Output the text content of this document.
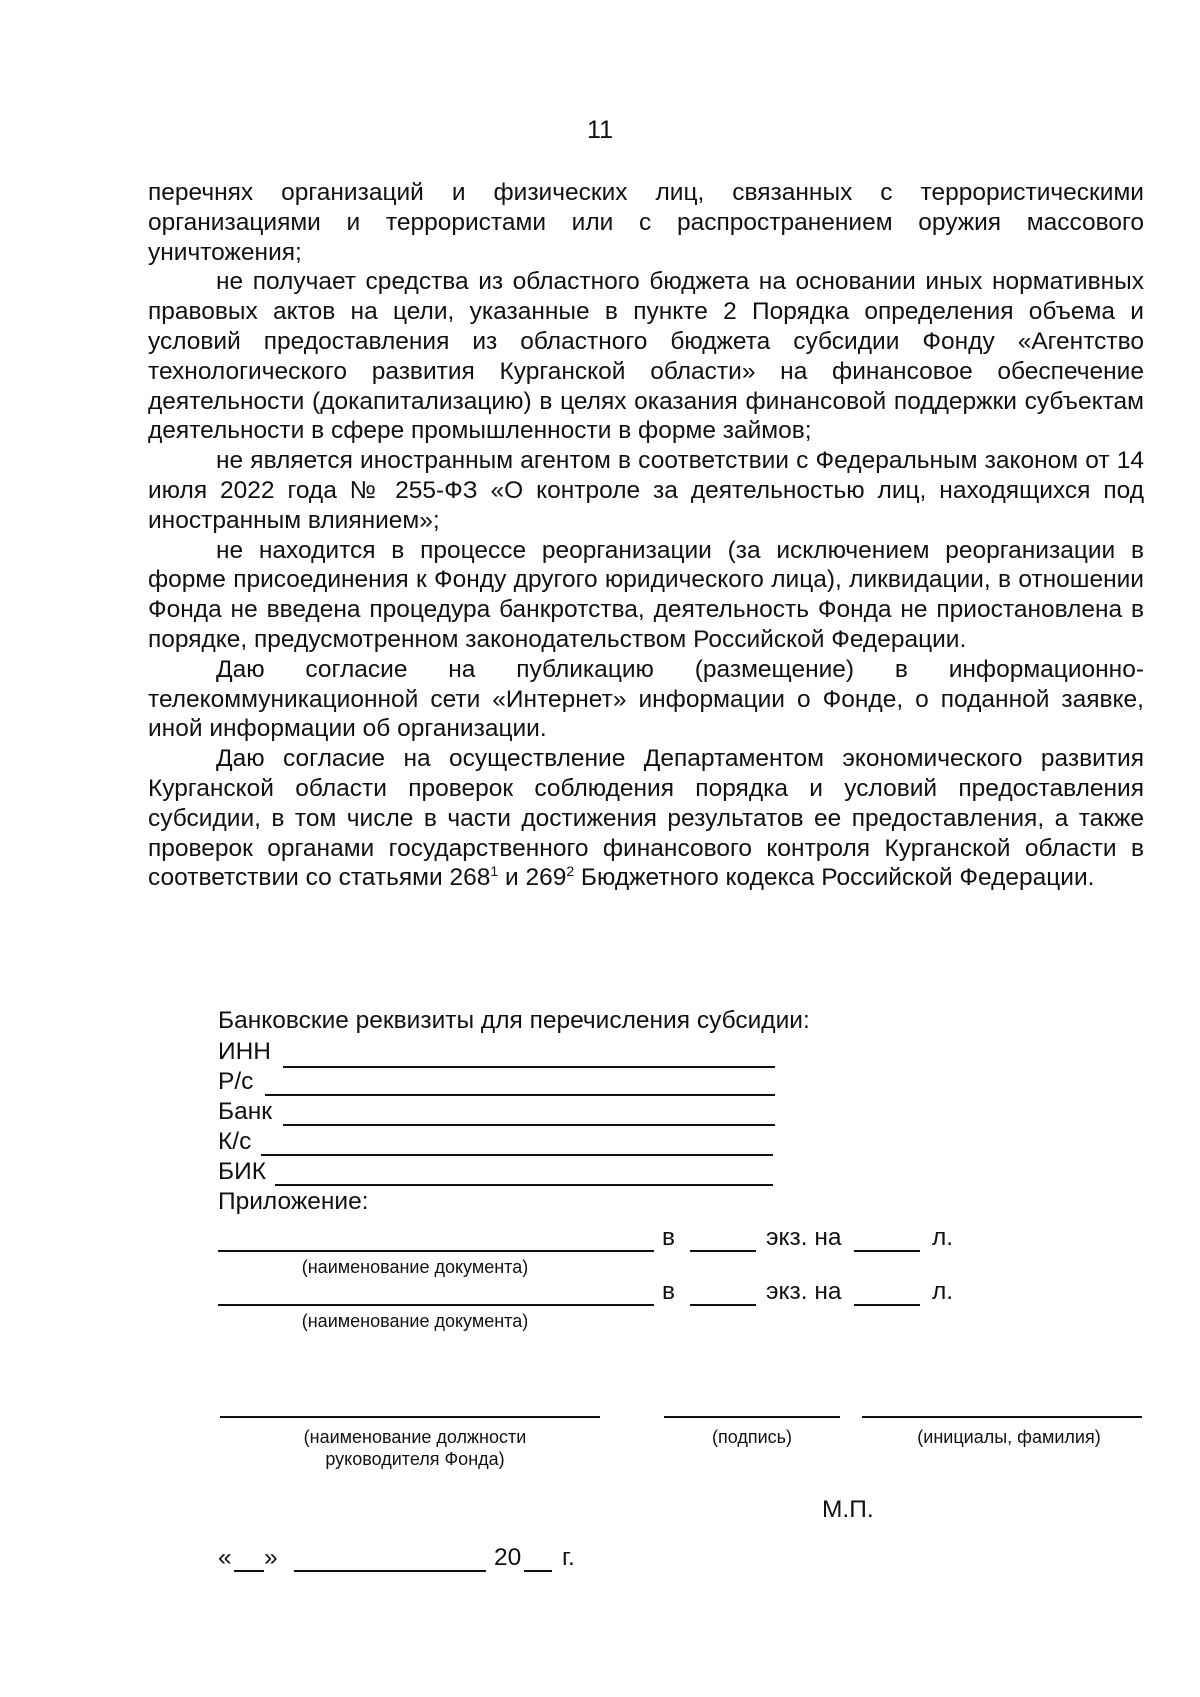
11

перечнях организаций и физических лиц, связанных с террористическими организациями и террористами или с распространением оружия массового уничтожения;

не получает средства из областного бюджета на основании иных нормативных правовых актов на цели, указанные в пункте 2 Порядка определения объема и условий предоставления из областного бюджета субсидии Фонду «Агентство технологического развития Курганской области» на финансовое обеспечение деятельности (докапитализацию) в целях оказания финансовой поддержки субъектам деятельности в сфере промышленности в форме займов;

не является иностранным агентом в соответствии с Федеральным законом от 14 июля 2022 года № 255-ФЗ «О контроле за деятельностью лиц, находящихся под иностранным влиянием»;

не находится в процессе реорганизации (за исключением реорганизации в форме присоединения к Фонду другого юридического лица), ликвидации, в отношении Фонда не введена процедура банкротства, деятельность Фонда не приостановлена в порядке, предусмотренном законодательством Российской Федерации.

Даю согласие на публикацию (размещение) в информационно-телекоммуникационной сети «Интернет» информации о Фонде, о поданной заявке, иной информации об организации.

Даю согласие на осуществление Департаментом экономического развития Курганской области проверок соблюдения порядка и условий предоставления субсидии, в том числе в части достижения результатов ее предоставления, а также проверок органами государственного финансового контроля Курганской области в соответствии со статьями $268^1$ и $269^2$ Бюджетного кодекса Российской Федерации.

Банковские реквизиты для перечисления субсидии:
ИНН
Р/с
Банк
К/с
БИК
Приложение:
в	экз. на	л.
(наименование документа)
в	экз. на	л.
(наименование документа)
(наименование должности
руководителя Фонда)
(подпись)	(инициалы, фамилия)
М.П.
« »	20 г.
